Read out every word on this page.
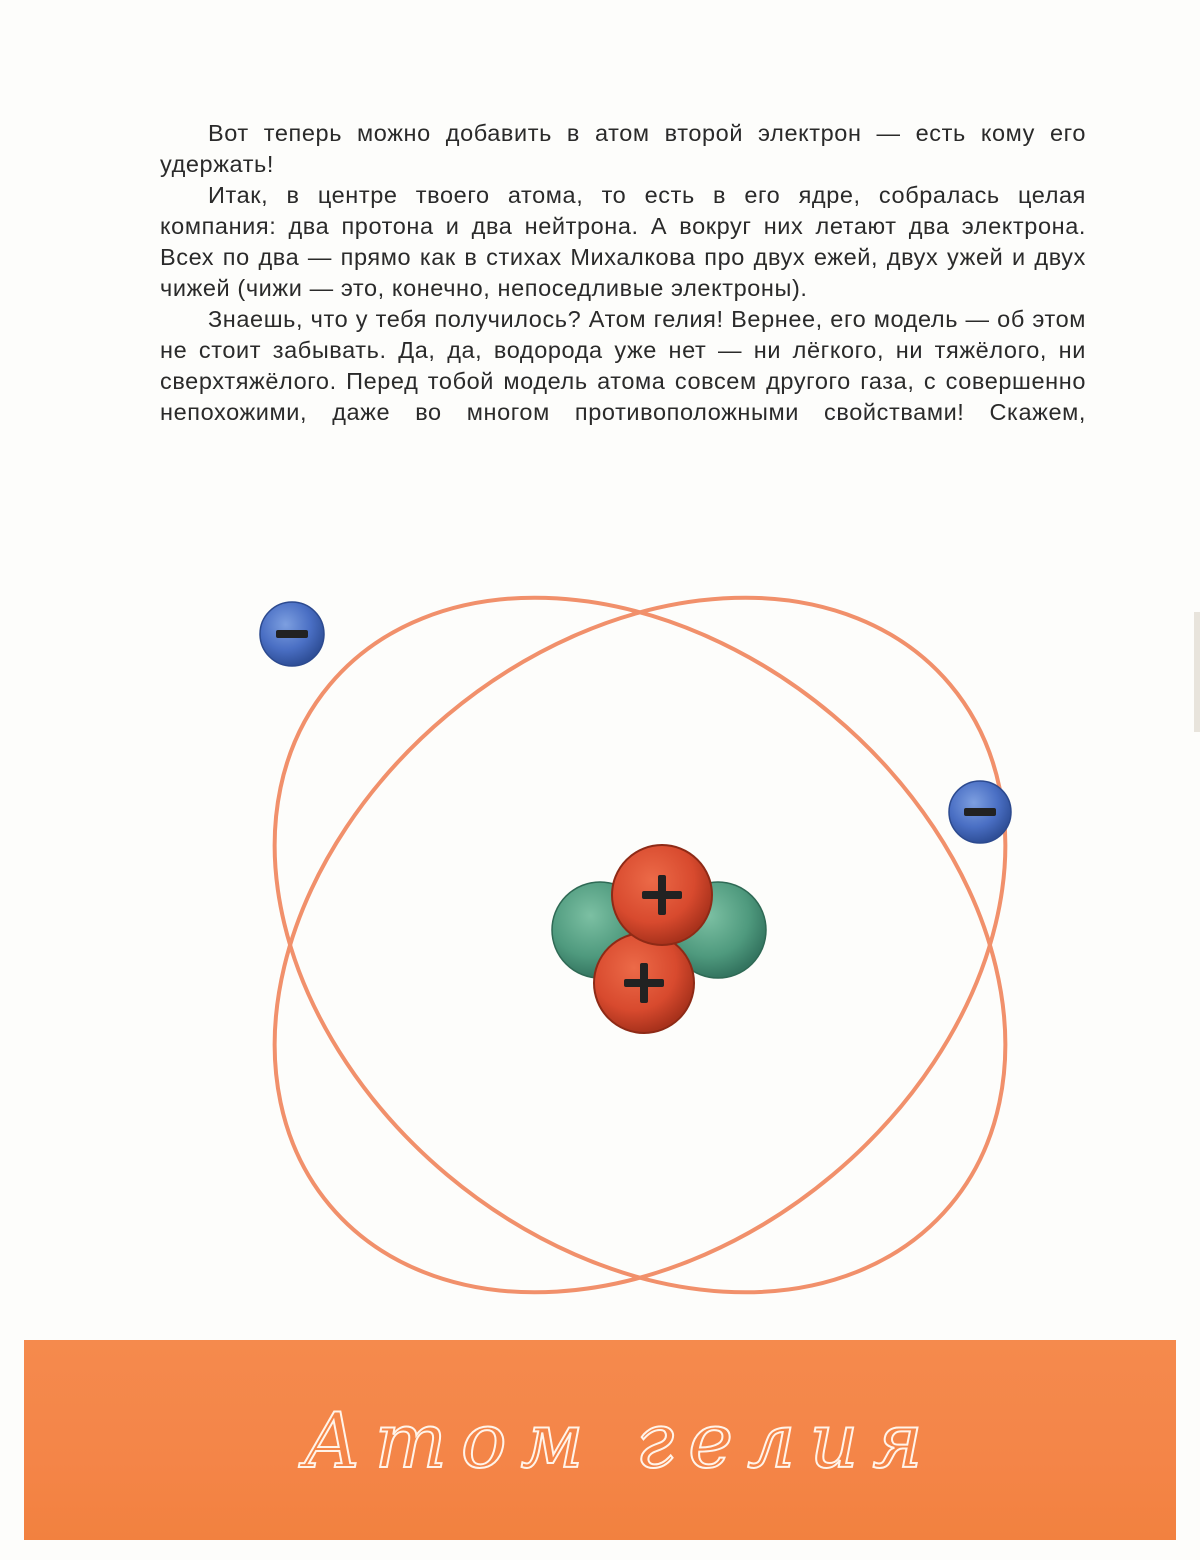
Вот теперь можно добавить в атом второй электрон — есть кому его удержать!

Итак, в центре твоего атома, то есть в его ядре, собралась целая компания: два протона и два нейтрона. А вокруг них летают два электрона. Всех по два — прямо как в стихах Михалкова про двух ежей, двух ужей и двух чижей (чижи — это, конечно, непоседливые электроны).

Знаешь, что у тебя получилось? Атом гелия! Вернее, его модель — об этом не стоит забывать. Да, да, водорода уже нет — ни лёгкого, ни тяжёлого, ни сверхтяжёлого. Перед тобой модель атома совсем другого газа, с совершенно непохожими, даже во многом противоположными свойствами! Скажем,

Атом гелия
